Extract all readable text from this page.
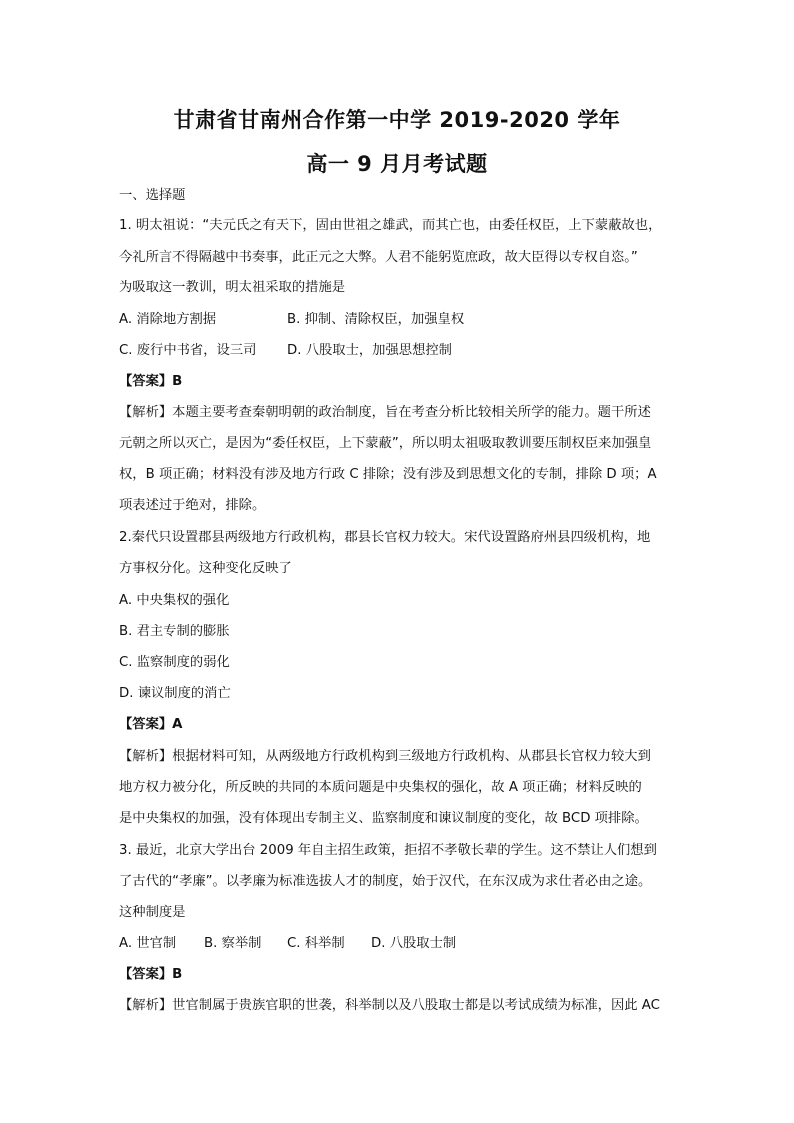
甘肃省甘南州合作第一中学 2019-2020 学年
高一 9 月月考试题
一、选择题
1. 明太祖说：“夫元氏之有天下，固由世祖之雄武，而其亡也，由委任权臣，上下蒙蔽故也，
今礼所言不得隔越中书奏事，此正元之大弊。人君不能躬览庶政，故大臣得以专权自恣。”
为吸取这一教训，明太祖采取的措施是
A. 消除地方割据	B. 抑制、清除权臣，加强皇权
C. 废行中书省，设三司 D. 八股取士，加强思想控制
【答案】B
【解析】本题主要考查秦朝明朝的政治制度，旨在考查分析比较相关所学的能力。题干所述
元朝之所以灭亡，是因为“委任权臣，上下蒙蔽”，所以明太祖吸取教训要压制权臣来加强皇
权，B 项正确；材料没有涉及地方行政 C 排除；没有涉及到思想文化的专制，排除 D 项；A
项表述过于绝对，排除。
2.秦代只设置郡县两级地方行政机构，郡县长官权力较大。宋代设置路府州县四级机构，地
方事权分化。这种变化反映了
A. 中央集权的强化
B. 君主专制的膨胀
C. 监察制度的弱化
D. 谏议制度的消亡
【答案】A
【解析】根据材料可知，从两级地方行政机构到三级地方行政机构、从郡县长官权力较大到
地方权力被分化，所反映的共同的本质问题是中央集权的强化，故 A 项正确；材料反映的
是中央集权的加强，没有体现出专制主义、监察制度和谏议制度的变化，故 BCD 项排除。
3. 最近，北京大学出台 2009 年自主招生政策，拒招不孝敬长辈的学生。这不禁让人们想到
了古代的“孝廉”。以孝廉为标准选拔人才的制度，始于汉代，在东汉成为求仕者必由之途。
这种制度是
A. 世官制 B. 察举制 C. 科举制 D. 八股取士制
【答案】B
【解析】世官制属于贵族官职的世袭，科举制以及八股取士都是以考试成绩为标准，因此 AC
